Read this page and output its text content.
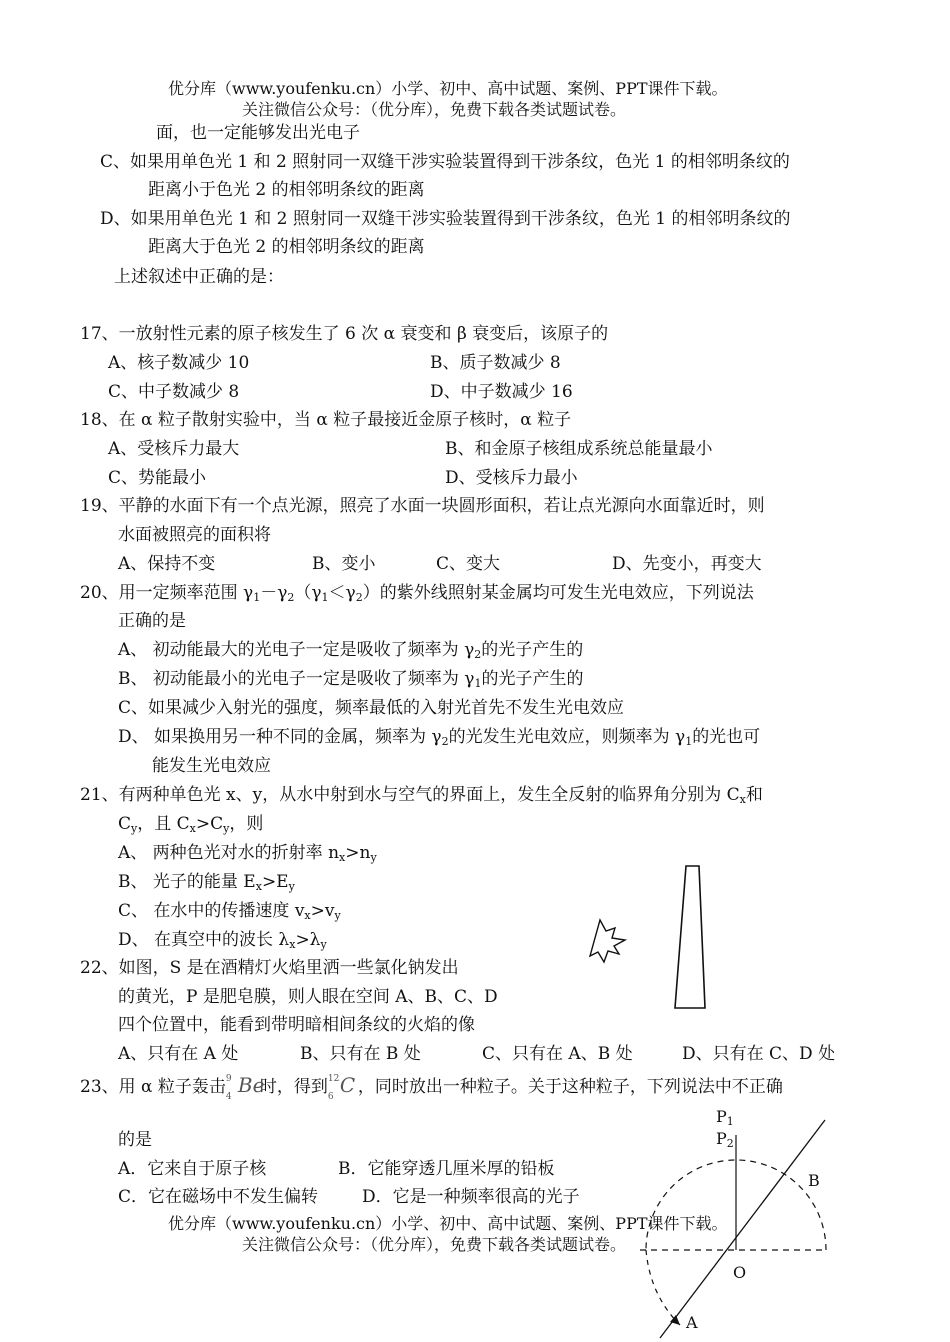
优分库（www.youfenku.cn）小学、初中、高中试题、案例、PPT课件下载。
关注微信公众号：（优分库），免费下载各类试题试卷。
面，也一定能够发出光电子
C、如果用单色光 1 和 2 照射同一双缝干涉实验装置得到干涉条纹，色光 1 的相邻明条纹的
距离小于色光 2 的相邻明条纹的距离
D、如果用单色光 1 和 2 照射同一双缝干涉实验装置得到干涉条纹，色光 1 的相邻明条纹的
距离大于色光 2 的相邻明条纹的距离
上述叙述中正确的是：
17、一放射性元素的原子核发生了 6 次 α 衰变和 β 衰变后，该原子的
A、核子数减少 10	B、质子数减少 8
C、中子数减少 8	D、中子数减少 16
18、在 α 粒子散射实验中，当 α 粒子最接近金原子核时，α 粒子
A、受核斥力最大	B、和金原子核组成系统总能量最小
C、势能最小	D、受核斥力最小
19、平静的水面下有一个点光源，照亮了水面一块圆形面积，若让点光源向水面靠近时，则
水面被照亮的面积将
A、保持不变	B、变小	C、变大	D、先变小，再变大
20、用一定频率范围 $\gamma_1-\gamma_2(\gamma_1<\gamma_2)$的紫外线照射某金属均可发生光电效应，下列说法
正确的是
A、 初动能最大的光电子一定是吸收了频率为 $\gamma_2$的光子产生的
B、 初动能最小的光电子一定是吸收了频率为 $\gamma_1$的光子产生的
C、如果减少入射光的强度，频率最低的入射光首先不发生光电效应
D、 如果换用另一种不同的金属，频率为 $\gamma_2$的光发生光电效应，则频率为 $\gamma_1$的光也可
能发生光电效应
21、有两种单色光 x、y，从水中射到水与空气的界面上，发生全反射的临界角分别为 $C_x$和
$C_y$，且 $C_x>C_y$，则
A、 两种色光对水的折射率 $n_x>n_y$
B、 光子的能量 $E_x>E_y$
C、 在水中的传播速度 $v_x>v_y$
D、 在真空中的波长 $\lambda_x>\lambda_y$
22、如图，S 是在酒精灯火焰里洒一些氯化钠发出
的黄光，P 是肥皂膜，则人眼在空间 A、B、C、D
四个位置中，能看到带明暗相间条纹的火焰的像
A、只有在 A 处	B、只有在 B 处	C、只有在 A、B 处	D、只有在 C、D 处
23、用 α 粒子轰击 9
4 Be
时，得到 12
6 C ，同时放出一种粒子。关于这种粒子，下列说法中不正确
的是
A．它来自于原子核	B．它能穿透几厘米厚的铅板
C．它在磁场中不发生偏转	D．它是一种频率很高的光子
$P_1$
$P_2$
B
O
A
优分库（www.youfenku.cn）小学、初中、高中试题、案例、PPT课件下载。
关注微信公众号：（优分库），免费下载各类试题试卷。
